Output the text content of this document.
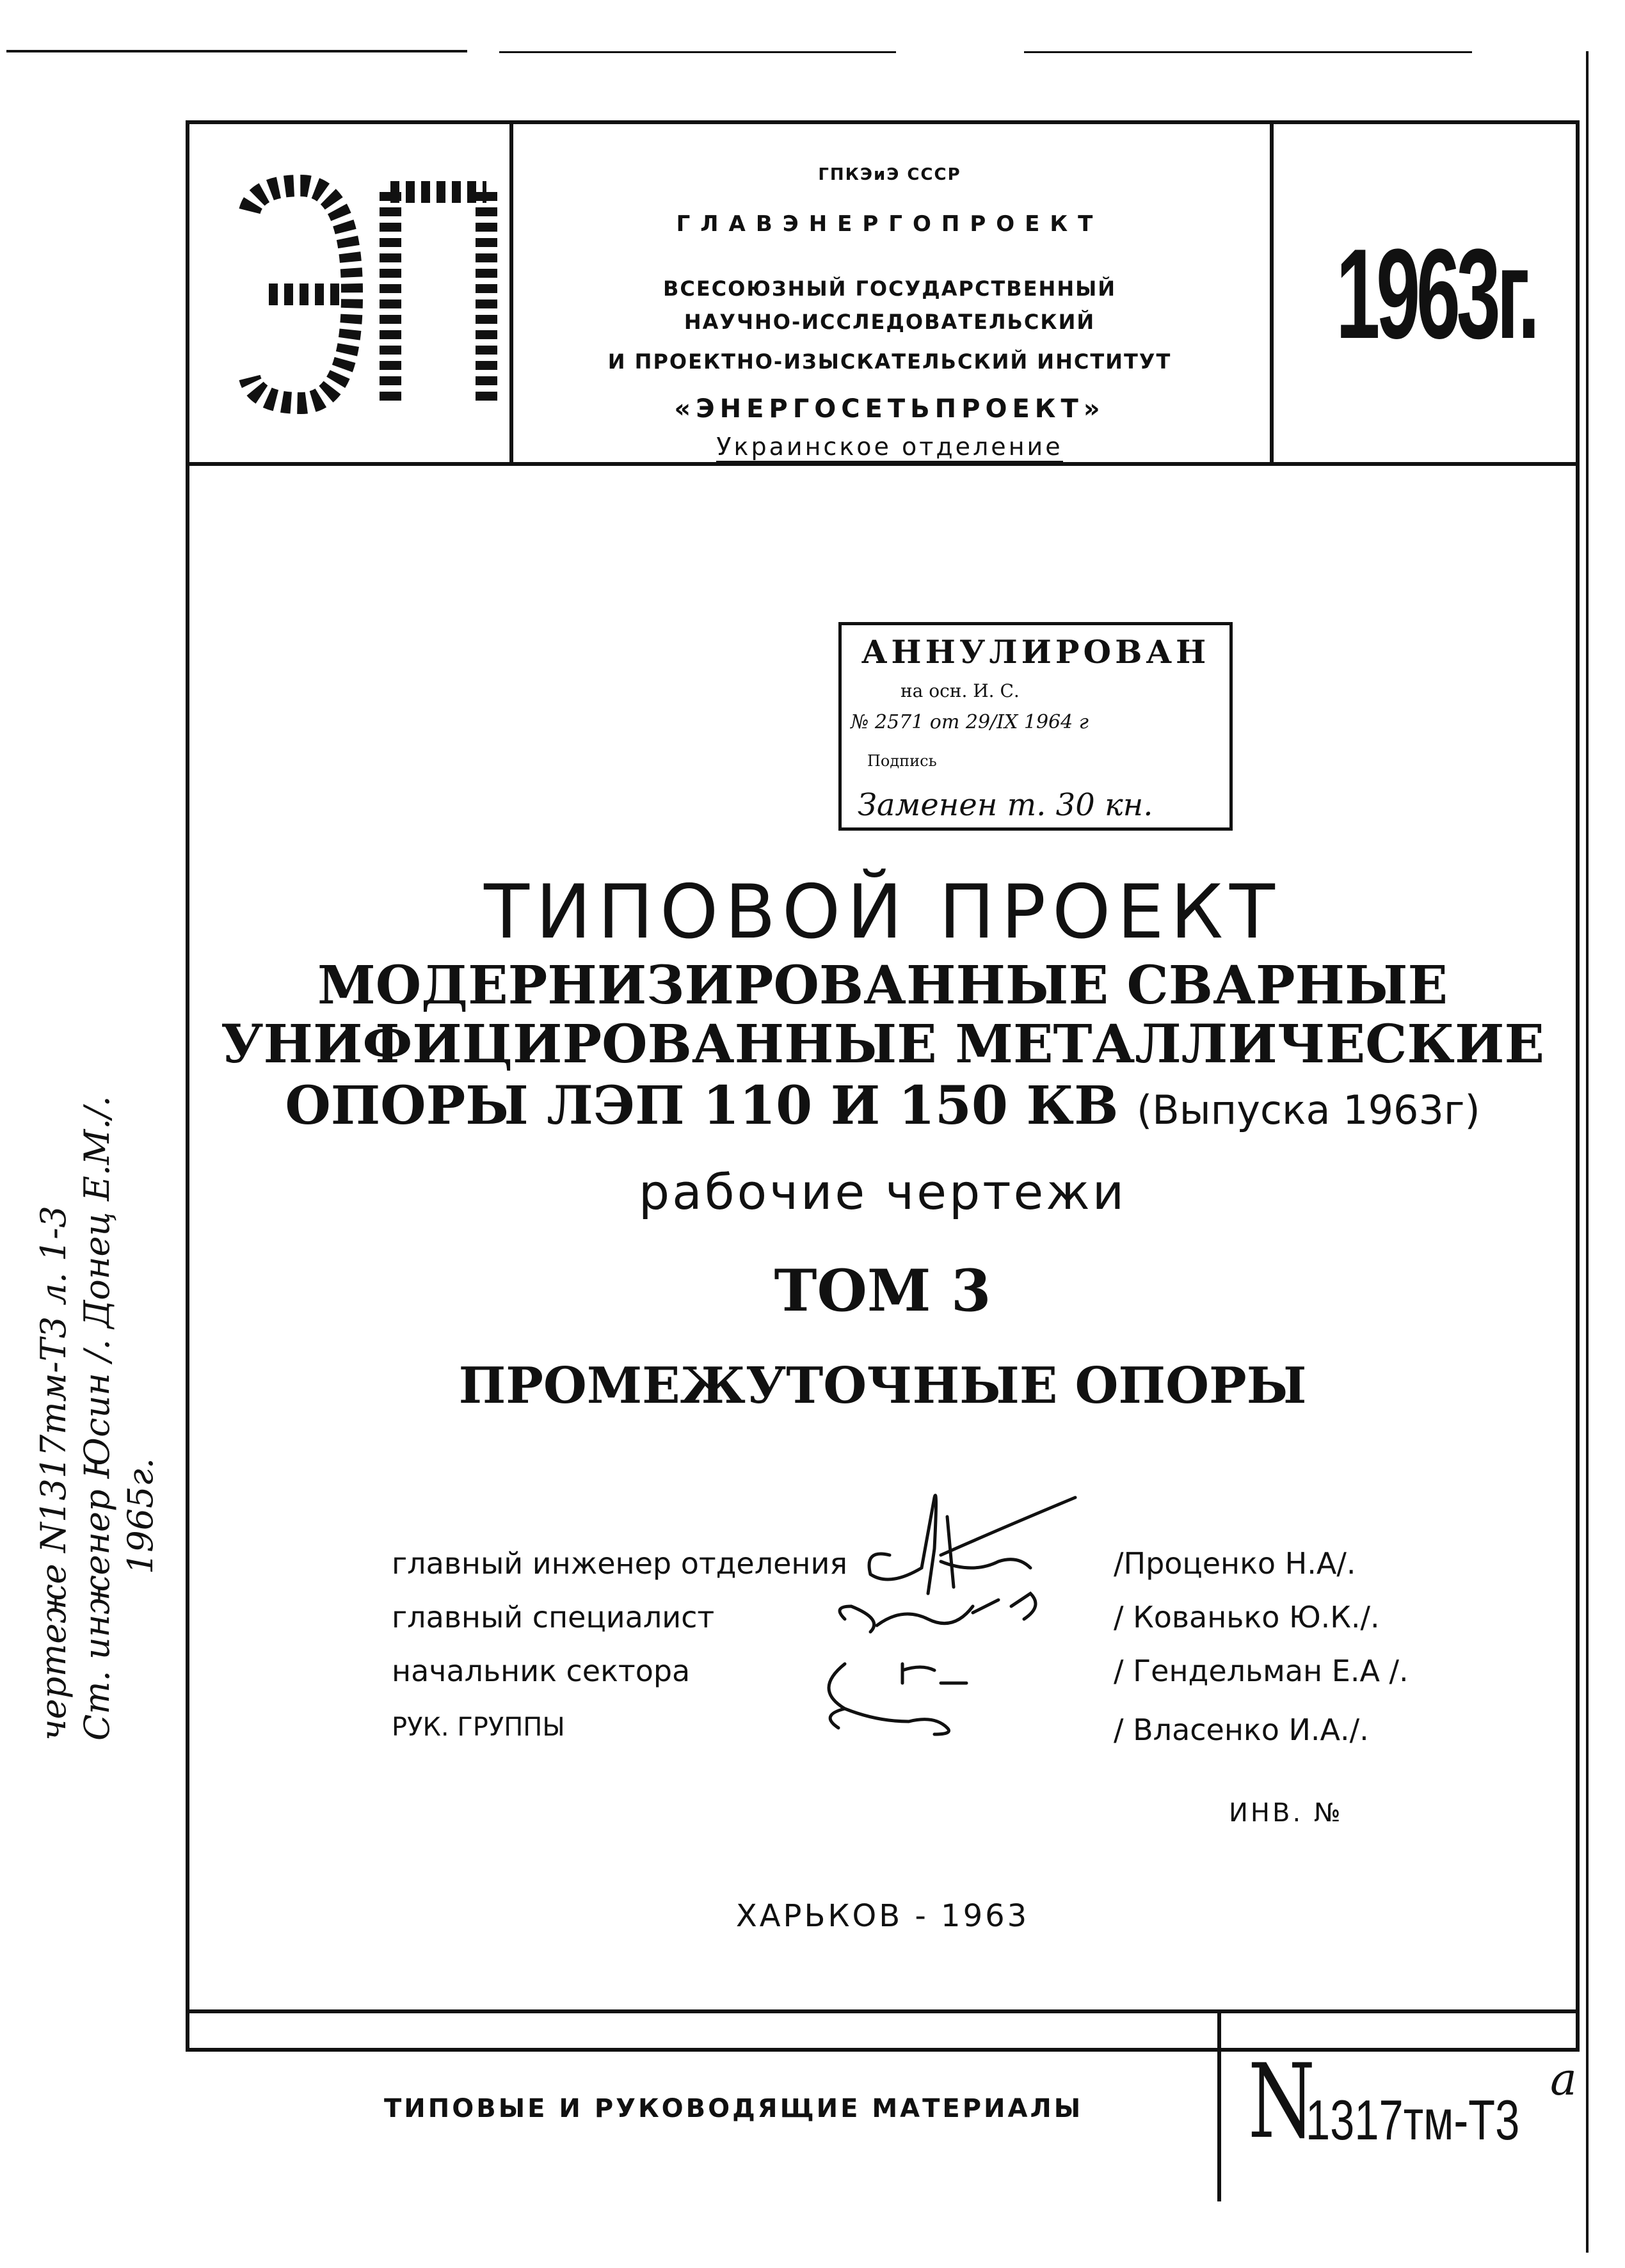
ЭП	ГПКЭиЭ СССР
ГЛАВЭНЕРГОПРОЕКТ
ВСЕСОЮЗНЫЙ ГОСУДАРСТВЕННЫЙ
НАУЧНО-ИССЛЕДОВАТЕЛЬСКИЙ
И ПРОЕКТНО-ИЗЫСКАТЕЛЬСКИЙ ИНСТИТУТ
«ЭНЕРГОСЕТЬПРОЕКТ»
Украинское отделение
1963г.
АННУЛИРОВАН
на осн. И. С.
№ 2571 от 29/IX 1964 г
Подпись
Заменен т. 30 кн.
ТИПОВОЙ ПРОЕКТ
МОДЕРНИЗИРОВАННЫЕ СВАРНЫЕ
УНИФИЦИРОВАННЫЕ МЕТАЛЛИЧЕСКИЕ
ОПОРЫ ЛЭП 110 И 150 КВ (Выпуска 1963г)
рабочие чертежи
ТОМ 3
ПРОМЕЖУТОЧНЫЕ ОПОРЫ
главный инженер отделения
главный специалист
начальник сектора
РУК. ГРУППЫ
/Проценко Н.А/.
/ Кованько Ю.К./.
/ Гендельман Е.А /.
/ Власенко И.А./.
ИНВ. №
ХАРЬКОВ - 1963
ТИПОВЫЕ И РУКОВОДЯЩИЕ МАТЕРИАЛЫ N
1317тм-Т3
а
чертеже N1317тм-Т3 л. 1-3 Ст. инженер Юсин /. Донец Е.М./. 1965г.
